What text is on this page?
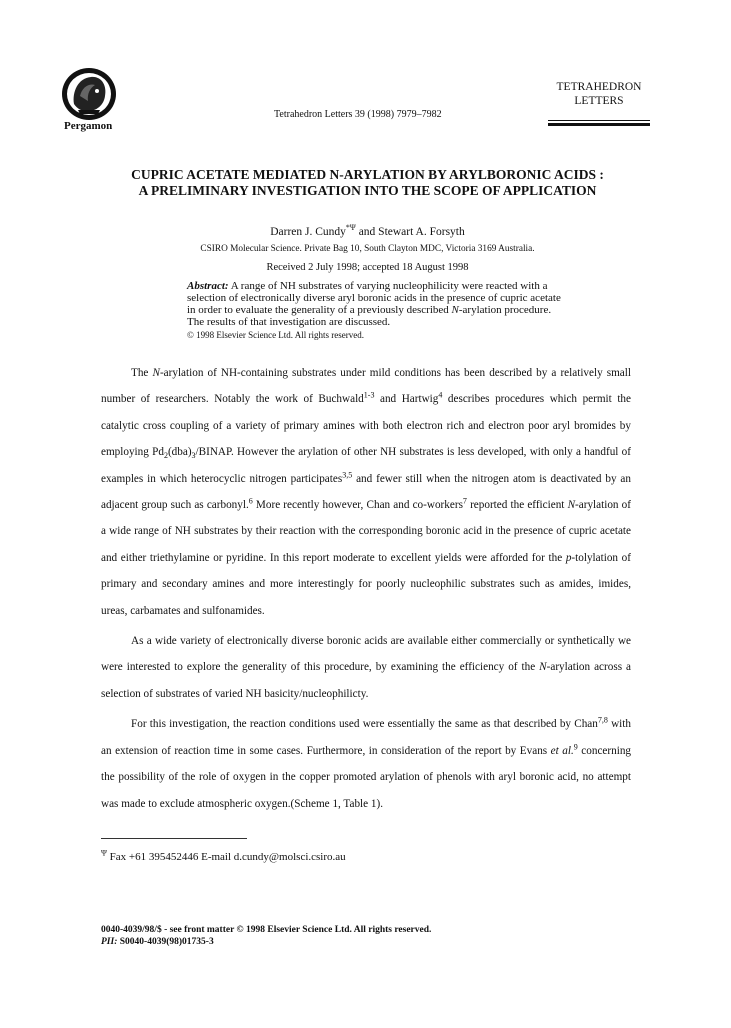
Pergamon
Tetrahedron Letters 39 (1998) 7979–7982
TETRAHEDRON
LETTERS
CUPRIC ACETATE MEDIATED N-ARYLATION BY ARYLBORONIC ACIDS :
A PRELIMINARY INVESTIGATION INTO THE SCOPE OF APPLICATION
Darren J. Cundy$^{*\Psi}$ and Stewart A. Forsyth
CSIRO Molecular Science. Private Bag 10, South Clayton MDC, Victoria 3169 Australia.
Received 2 July 1998; accepted 18 August 1998
Abstract: A range of NH substrates of varying nucleophilicity were reacted with a selection of electronically diverse aryl boronic acids in the presence of cupric acetate in order to evaluate the generality of a previously described N-arylation procedure. The results of that investigation are discussed.
© 1998 Elsevier Science Ltd. All rights reserved.

The N-arylation of NH-containing substrates under mild conditions has been described by a relatively small number of researchers. Notably the work of Buchwald$^{1-3}$ and Hartwig$^4$ describes procedures which permit the catalytic cross coupling of a variety of primary amines with both electron rich and electron poor aryl bromides by employing $Pd_2(dba)_3$/BINAP. However the arylation of other NH substrates is less developed, with only a handful of examples in which heterocyclic nitrogen participates$^{3,5}$ and fewer still when the nitrogen atom is deactivated by an adjacent group such as carbonyl.$^6$ More recently however, Chan and co-workers$^7$ reported the efficient N-arylation of a wide range of NH substrates by their reaction with the corresponding boronic acid in the presence of cupric acetate and either triethylamine or pyridine. In this report moderate to excellent yields were afforded for the p-tolylation of primary and secondary amines and more interestingly for poorly nucleophilic substrates such as amides, imides, ureas, carbamates and sulfonamides.

As a wide variety of electronically diverse boronic acids are available either commercially or synthetically we were interested to explore the generality of this procedure, by examining the efficiency of the N-arylation across a selection of substrates of varied NH basicity/nucleophilicty.

For this investigation, the reaction conditions used were essentially the same as that described by Chan$^{7,8}$ with an extension of reaction time in some cases. Furthermore, in consideration of the report by Evans et al.$^9$ concerning the possibility of the role of oxygen in the copper promoted arylation of phenols with aryl boronic acid, no attempt was made to exclude atmospheric oxygen.(Scheme 1, Table 1).

$^\Psi$ Fax +61 395452446 E-mail d.cundy@molsci.csiro.au
0040-4039/98/$ - see front matter © 1998 Elsevier Science Ltd. All rights reserved.
PII: S0040-4039(98)01735-3
